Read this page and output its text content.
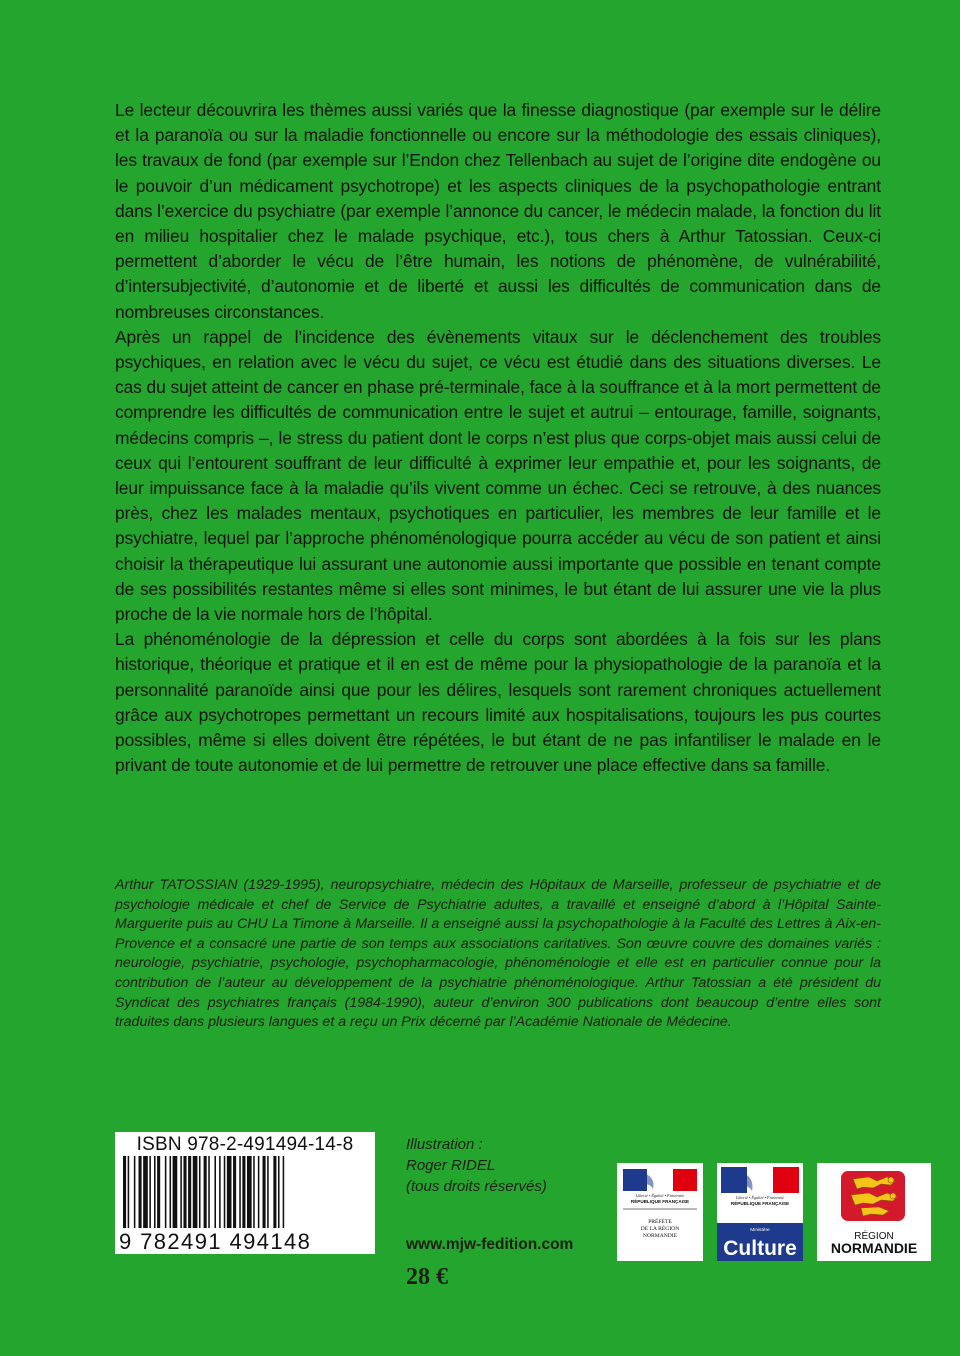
Le lecteur découvrira les thèmes aussi variés que la finesse diagnostique (par exemple sur le délire et la paranoïa ou sur la maladie fonctionnelle ou encore sur la méthodologie des essais cliniques), les travaux de fond (par exemple sur l’Endon chez Tellenbach au sujet de l’origine dite endogène ou le pouvoir d’un médicament psychotrope) et les aspects cliniques de la psychopathologie entrant dans l’exercice du psychiatre (par exemple l’annonce du cancer, le médecin malade, la fonction du lit en milieu hospitalier chez le malade psychique, etc.), tous chers à Arthur Tatossian. Ceux-ci permettent d’aborder le vécu de l’être humain, les notions de phénomène, de vulnérabilité, d’intersubjectivité, d’autonomie et de liberté et aussi les difficultés de communication dans de nombreuses circonstances.

Après un rappel de l’incidence des évènements vitaux sur le déclenchement des troubles psychiques, en relation avec le vécu du sujet, ce vécu est étudié dans des situations diverses. Le cas du sujet atteint de cancer en phase pré-terminale, face à la souffrance et à la mort permettent de comprendre les difficultés de communication entre le sujet et autrui – entourage, famille, soignants, médecins compris –, le stress du patient dont le corps n’est plus que corps-objet mais aussi celui de ceux qui l’entourent souffrant de leur difficulté à exprimer leur empathie et, pour les soignants, de leur impuissance face à la maladie qu’ils vivent comme un échec. Ceci se retrouve, à des nuances près, chez les malades mentaux, psychotiques en particulier, les membres de leur famille et le psychiatre, lequel par l’approche phénoménologique pourra accéder au vécu de son patient et ainsi choisir la thérapeutique lui assurant une autonomie aussi importante que possible en tenant compte de ses possibilités restantes même si elles sont minimes, le but étant de lui assurer une vie la plus proche de la vie normale hors de l’hôpital.

La phénoménologie de la dépression et celle du corps sont abordées à la fois sur les plans historique, théorique et pratique et il en est de même pour la physiopathologie de la paranoïa et la personnalité paranoïde ainsi que pour les délires, lesquels sont rarement chroniques actuellement grâce aux psychotropes permettant un recours limité aux hospitalisations, toujours les pus courtes possibles, même si elles doivent être répétées, le but étant de ne pas infantiliser le malade en le privant de toute autonomie et de lui permettre de retrouver une place effective dans sa famille.

Arthur TATOSSIAN (1929-1995), neuropsychiatre, médecin des Hôpitaux de Marseille, professeur de psychiatrie et de psychologie médicale et chef de Service de Psychiatrie adultes, a travaillé et enseigné d’abord à l’Hôpital Sainte-Marguerite puis au CHU La Timone à Marseille. Il a enseigné aussi la psychopathologie à la Faculté des Lettres à Aix-en-Provence et a consacré une partie de son temps aux associations caritatives. Son œuvre couvre des domaines variés : neurologie, psychiatrie, psychologie, psychopharmacologie, phénoménologie et elle est en particulier connue pour la contribution de l’auteur au développement de la psychiatrie phénoménologique. Arthur Tatossian a été président du Syndicat des psychiatres français (1984-1990), auteur d’environ 300 publications dont beaucoup d’entre elles sont traduites dans plusieurs langues et a reçu un Prix décerné par l’Académie Nationale de Médecine.
ISBN 978-2-491494-14-8
9 782491 494148
Illustration :
Roger RIDEL
(tous droits réservés)
www.mjw-fedition.com
28 €
Liberté • Égalité • Fraternité
RÉPUBLIQUE FRANÇAISE
PRÉFÈTE
DE LA RÉGION
NORMANDIE
Liberté • Égalité • Fraternité
RÉPUBLIQUE FRANÇAISE
Ministère
Culture
RÉGION
NORMANDIE
